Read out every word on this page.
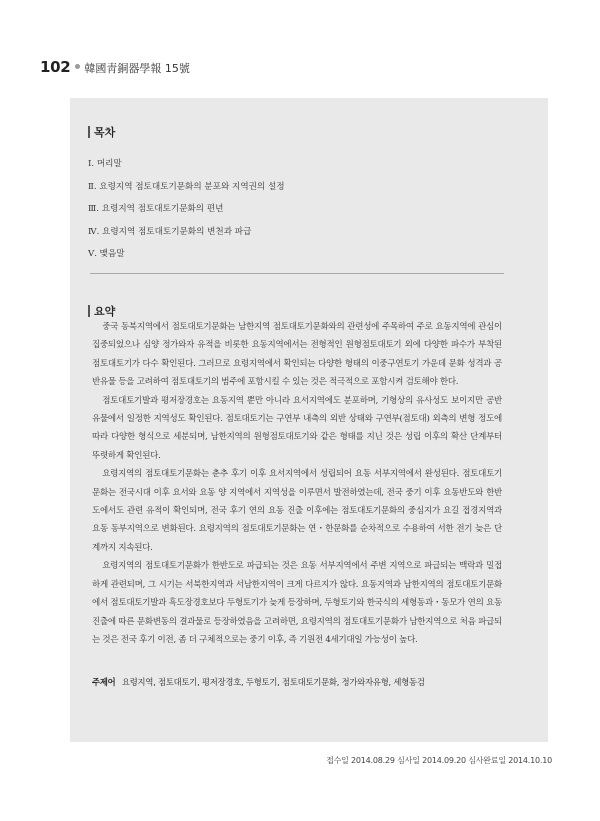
102 韓國靑銅器學報 15號
목차
Ⅰ. 머리말
Ⅱ. 요령지역 점토대토기문화의 분포와 지역권의 설정
Ⅲ. 요령지역 점토대토기문화의 편년
Ⅳ. 요령지역 점토대토기문화의 변천과 파급
Ⅴ. 맺음말
요약

중국 동북지역에서 점토대토기문화는 남한지역 점토대토기문화와의 관련성에 주목하여 주로 요동지역에 관심이 집중되었으나 심양 정가와자 유적을 비롯한 요동지역에서는 전형적인 원형점토대토기 외에 다양한 파수가 부착된 점토대토기가 다수 확인된다. 그러므로 요령지역에서 확인되는 다양한 형태의 이중구연토기 가운데 문화 성격과 공반유물 등을 고려하여 점토대토기의 범주에 포함시킬 수 있는 것은 적극적으로 포함시켜 검토해야 한다.

점토대토기발과 평저장경호는 요동지역 뿐만 아니라 요서지역에도 분포하며, 기형상의 유사성도 보이지만 공반유물에서 일정한 지역성도 확인된다. 점토대토기는 구연부 내측의 외반 상태와 구연부(점토대) 외측의 변형 정도에 따라 다양한 형식으로 세분되며, 남한지역의 원형점토대토기와 같은 형태를 지닌 것은 성립 이후의 확산 단계부터 뚜렷하게 확인된다.

요령지역의 점토대토기문화는 춘추 후기 이후 요서지역에서 성립되어 요동 서부지역에서 완성된다. 점토대토기문화는 전국시대 이후 요서와 요동 양 지역에서 지역성을 이루면서 발전하였는데, 전국 중기 이후 요동반도와 한반도에서도 관련 유적이 확인되며, 전국 후기 연의 요동 진출 이후에는 점토대토기문화의 중심지가 요길 접경지역과 요동 동부지역으로 변화된다. 요령지역의 점토대토기문화는 연・한문화를 순차적으로 수용하여 서한 전기 늦은 단계까지 지속된다.

요령지역의 점토대토기문화가 한반도로 파급되는 것은 요동 서부지역에서 주변 지역으로 파급되는 맥락과 밀접하게 관련되며, 그 시기는 서북한지역과 서남한지역이 크게 다르지가 않다. 요동지역과 남한지역의 점토대토기문화에서 점토대토기발과 흑도장경호보다 두형토기가 늦게 등장하며, 두형토기와 한국식의 세형동과・동모가 연의 요동 진출에 따른 문화변동의 결과물로 등장하였음을 고려하면, 요령지역의 점토대토기문화가 남한지역으로 처음 파급되는 것은 전국 후기 이전, 좀 더 구체적으로는 중기 이후, 즉 기원전 4세기대일 가능성이 높다.

주제어 요령지역, 점토대토기, 평저장경호, 두형토기, 점토대토기문화, 정가와자유형, 세형동검
접수일 2014.08.29 심사일 2014.09.20 심사완료일 2014.10.10
